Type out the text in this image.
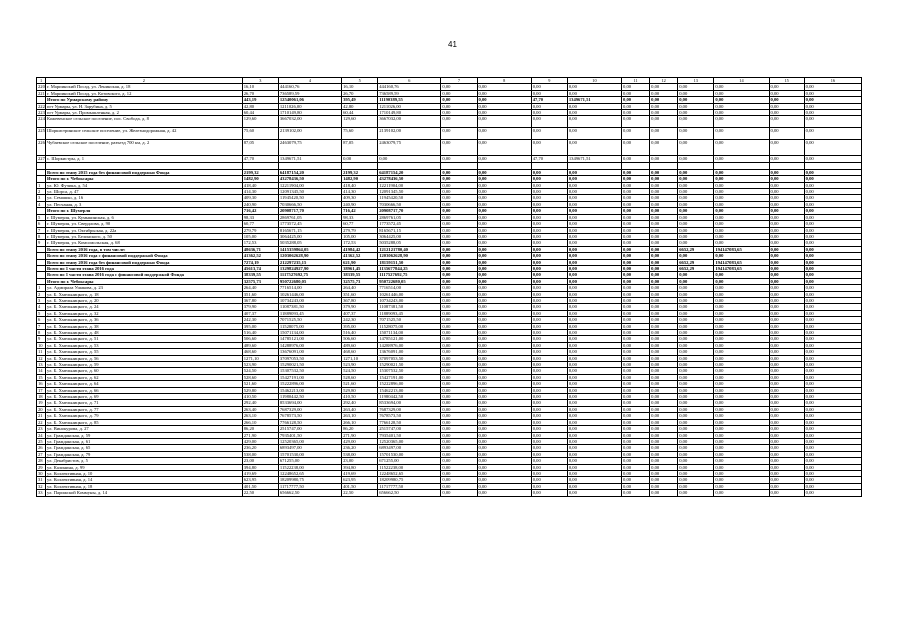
41
1	2	3	4	5	6	7	8	9	10	11	12	13	14	15	16
220	г. Мариинский Посад, ул. Ленинская, д. 18	16,10	444160,76	16,10	444160,76	0,00	0,00	0,00	0,00	0,00	0,00	0,00	0,00	0,00	0,00
221	г. Мариинский Посад, ул. Котовского, д. 12	26,70	736589,59	26,70	736589,59	0,00	0,00	0,00	0,00	0,00	0,00	0,00	0,00	0,00	0,00
	Итого по Урмарскому району	443,19	12540061,06	395,49	11190389,55	0,00	0,00	47,70	1349671,51	0,00	0,00	0,00	0,00	0,00	0,00
222	пгт Урмары, ул. Н. Зарубина, д. 5	42,80	1211026,00	42,80	1211026,00	0,00	0,00	0,00	0,00	0,00	0,00	0,00	0,00	0,00	0,00
223	пгт Урмары, ул. Промышленная, д. 2	60,44	1710149,80	60,44	1710149,80	0,00	0,00	0,00	0,00	0,00	0,00	0,00	0,00	0,00	0,00
224	Кожевенское сельское поселение, пос. Свобода, д. 8	129,60	3667032,00	129,60	3667032,00	0,00	0,00	0,00	0,00	0,00	0,00	0,00	0,00	0,00	0,00
225	Шоркистринское сельское поселение, ул. Железнодорожная, д. 42	75,60	2139102,00	75,60	2139102,00	0,00	0,00	0,00	0,00	0,00	0,00	0,00	0,00	0,00	0,00
226	Чубаевское сельское поселение, разъезд 700 км, д. 2	87,05	2463079,75	87,05	2463079,75	0,00	0,00	0,00	0,00	0,00	0,00	0,00	0,00	0,00	0,00
227	с. Шоркистры, д. 1	47,70	1349671,51	0,00	0,00	0,00	0,00	47,70	1349671,51	0,00	0,00	0,00	0,00	0,00	0,00

	Всего по этапу 2015 года без финансовой поддержки Фонда	2199,32	64187154,20	2199,32	64187154,20	0,00	0,00	0,00	0,00	0,00	0,00	0,00	0,00	0,00	0,00
	Итого по г. Чебоксары	1482,90	43278436,50	1482,90	43278436,50	0,00	0,00	0,00	0,00	0,00	0,00	0,00	0,00	0,00	0,00
1	ул. Ю. Фучика, д. 54	418,40	12211904,00	418,40	12211904,00	0,00	0,00	0,00	0,00	0,00	0,00	0,00	0,00	0,00	0,00
2	ул. Шорса, д. 47	414,30	12091345,50	414,30	12091345,50	0,00	0,00	0,00	0,00	0,00	0,00	0,00	0,00	0,00	0,00
3	ул. Семашко, д. 16	409,30	11945420,50	409,30	11945420,50	0,00	0,00	0,00	0,00	0,00	0,00	0,00	0,00	0,00	0,00
4	ул. Песчаная, д. 3	240,90	7030666,50	240,90	7030666,50	0,00	0,00	0,00	0,00	0,00	0,00	0,00	0,00	0,00	0,00
	Итого по г. Шумерля	716,42	20908717,70	716,42	20908717,70	0,00	0,00	0,00	0,00	0,00	0,00	0,00	0,00	0,00	0,00
5	г. Шумерля, ул. Кумыкинская, д. 6	98,33	2869761,05	98,33	2869761,05	0,00	0,00	0,00	0,00	0,00	0,00	0,00	0,00	0,00	0,00
6	г. Шумерля, ул. Свердлова, д. 90	60,77	1773572,45	60,77	1773572,45	0,00	0,00	0,00	0,00	0,00	0,00	0,00	0,00	0,00	0,00
7	г. Шумерля, ул. Октябрьская, д. 22а	279,79	8165671,15	279,79	8165671,15	0,00	0,00	0,00	0,00	0,00	0,00	0,00	0,00	0,00	0,00
8	г. Шумерля, ул. Белинского, д. 50	105,00	3064425,00	105,00	3064425,00	0,00	0,00	0,00	0,00	0,00	0,00	0,00	0,00	0,00	0,00
9	г. Шумерля, ул. Комсомольская, д. 68	172,53	5035288,05	172,53	5035288,05	0,00	0,00	0,00	0,00	0,00	0,00	0,00	0,00	0,00	0,00
	Всего по этапу 2016 года, в том числе:	48636,71	1415359864,05	41984,42	1212121780,40	0,00	0,00	0,00	0,00	0,00	0,00	6652,29	194147083,65	0,00	0,00
	Всего по этапу 2016 года с финансовой поддержкой Фонда	41362,52	1203062628,90	41362,52	1203062628,90	0,00	0,00	0,00	0,00	0,00	0,00	0,00	0,00	0,00	0,00
	Всего по этапу 2016 года без финансовой поддержки Фонда	7274,19	212297235,15	621,90	18159151,50	0,00	0,00	0,00	0,00	0,00	0,00	6652,29	194147083,65	0,00	0,00
	Всего по 1 части этапа 2016 года	45613,74	1329824927,90	38961,45	1135677844,25	0,00	0,00	0,00	0,00	0,00	0,00	6652,29	194147083,65	0,00	0,00
	Всего по 1 части этапа 2016 года с финансовой поддержкой Фонда	38339,55	1117527692,75	38339,55	1117527692,75	0,00	0,00	0,00	0,00	0,00	0,00	0,00	0,00	0,00	0,00
	Итого по г. Чебоксары	32575,73	950722680,05	32575,73	950722680,05	0,00	0,00	0,00	0,00	0,00	0,00	0,00	0,00	0,00	0,00
1	ул. Адмирала Ушакова, д. 23	264,40	7716514,00	264,40	7716514,00	0,00	0,00	0,00	0,00	0,00	0,00	0,00	0,00	0,00	0,00
2	ул. Б. Хмельницкого, д. 18	351,60	10261446,00	351,60	10261446,00	0,00	0,00	0,00	0,00	0,00	0,00	0,00	0,00	0,00	0,00
3	ул. Б. Хмельницкого, д. 20	367,80	10734243,00	367,80	10734243,00	0,00	0,00	0,00	0,00	0,00	0,00	0,00	0,00	0,00	0,00
4	ул. Б. Хмельницкого, д. 24	379,90	11087381,50	379,90	11087381,50	0,00	0,00	0,00	0,00	0,00	0,00	0,00	0,00	0,00	0,00
5	ул. Б. Хмельницкого, д. 32	407,37	11889093,45	407,37	11889093,45	0,00	0,00	0,00	0,00	0,00	0,00	0,00	0,00	0,00	0,00
6	ул. Б. Хмельницкого, д. 36	242,30	7071525,50	242,30	7071525,50	0,00	0,00	0,00	0,00	0,00	0,00	0,00	0,00	0,00	0,00
7	ул. Б. Хмельницкого, д. 38	395,00	11528075,00	395,00	11528075,00	0,00	0,00	0,00	0,00	0,00	0,00	0,00	0,00	0,00	0,00
8	ул. Б. Хмельницкого, д. 48	516,40	15071134,00	516,40	15071134,00	0,00	0,00	0,00	0,00	0,00	0,00	0,00	0,00	0,00	0,00
9	ул. Б. Хмельницкого, д. 51	506,60	14785121,00	506,60	14785121,00	0,00	0,00	0,00	0,00	0,00	0,00	0,00	0,00	0,00	0,00
10	ул. Б. Хмельницкого, д. 53	489,60	14288976,00	489,60	14288976,00	0,00	0,00	0,00	0,00	0,00	0,00	0,00	0,00	0,00	0,00
11	ул. Б. Хмельницкого, д. 55	468,60	13676091,00	468,60	13676091,00	0,00	0,00	0,00	0,00	0,00	0,00	0,00	0,00	0,00	0,00
12	ул. Б. Хмельницкого, д. 56	1271,10	37097053,50	1271,10	37097053,50	0,00	0,00	0,00	0,00	0,00	0,00	0,00	0,00	0,00	0,00
13	ул. Б. Хмельницкого, д. 59	523,90	15290021,50	523,90	15290021,50	0,00	0,00	0,00	0,00	0,00	0,00	0,00	0,00	0,00	0,00
14	ул. Б. Хмельницкого, д. 60	524,50	15307532,50	524,50	15307532,50	0,00	0,00	0,00	0,00	0,00	0,00	0,00	0,00	0,00	0,00
15	ул. Б. Хмельницкого, д. 62	528,60	15427191,00	528,60	15427191,00	0,00	0,00	0,00	0,00	0,00	0,00	0,00	0,00	0,00	0,00
16	ул. Б. Хмельницкого, д. 64	521,60	15222896,00	521,60	15222896,00	0,00	0,00	0,00	0,00	0,00	0,00	0,00	0,00	0,00	0,00
17	ул. Б. Хмельницкого, д. 66	529,80	15462213,00	529,80	15462213,00	0,00	0,00	0,00	0,00	0,00	0,00	0,00	0,00	0,00	0,00
18	ул. Б. Хмельницкого, д. 69	410,50	11980442,50	410,50	11980442,50	0,00	0,00	0,00	0,00	0,00	0,00	0,00	0,00	0,00	0,00
19	ул. Б. Хмельницкого, д. 71	292,40	8533694,00	292,40	8533694,00	0,00	0,00	0,00	0,00	0,00	0,00	0,00	0,00	0,00	0,00
20	ул. Б. Хмельницкого, д. 77	263,40	7687329,00	263,40	7687329,00	0,00	0,00	0,00	0,00	0,00	0,00	0,00	0,00	0,00	0,00
21	ул. Б. Хмельницкого, д. 79	263,10	7678573,50	263,10	7678573,50	0,00	0,00	0,00	0,00	0,00	0,00	0,00	0,00	0,00	0,00
22	ул. Б. Хмельницкого, д. 85	266,10	7766128,50	266,10	7766128,50	0,00	0,00	0,00	0,00	0,00	0,00	0,00	0,00	0,00	0,00
23	ул. Винокурова, д. 27	86,20	2515747,00	86,20	2515747,00	0,00	0,00	0,00	0,00	0,00	0,00	0,00	0,00	0,00	0,00
24	ул. Гражданская, д. 59	271,90	7935401,50	271,90	7935401,50	0,00	0,00	0,00	0,00	0,00	0,00	0,00	0,00	0,00	0,00
25	ул. Гражданская, д. 61	429,00	12520365,00	429,00	12520365,00	0,00	0,00	0,00	0,00	0,00	0,00	0,00	0,00	0,00	0,00
26	ул. Гражданская, д. 65	236,20	6893497,00	236,20	6893497,00	0,00	0,00	0,00	0,00	0,00	0,00	0,00	0,00	0,00	0,00
27	ул. Гражданская, д. 79	538,00	15701530,00	538,00	15701530,00	0,00	0,00	0,00	0,00	0,00	0,00	0,00	0,00	0,00	0,00
28	ул. Декабристов, д. 5	23,00	671255,00	23,00	671255,00	0,00	0,00	0,00	0,00	0,00	0,00	0,00	0,00	0,00	0,00
29	ул. Калинина, д. 99	394,80	11522238,00	394,80	11522238,00	0,00	0,00	0,00	0,00	0,00	0,00	0,00	0,00	0,00	0,00
30	ул. Коллективная, д. 10	419,69	12248652,65	419,69	12248652,65	0,00	0,00	0,00	0,00	0,00	0,00	0,00	0,00	0,00	0,00
31	ул. Коллективная, д. 14	623,95	18209980,75	623,95	18209980,75	0,00	0,00	0,00	0,00	0,00	0,00	0,00	0,00	0,00	0,00
32	ул. Коллективная, д. 18	401,50	11717777,50	401,50	11717777,50	0,00	0,00	0,00	0,00	0,00	0,00	0,00	0,00	0,00	0,00
33	ул. Парижской Коммуны, д. 14	22,50	656662,50	22,50	656662,50	0,00	0,00	0,00	0,00	0,00	0,00	0,00	0,00	0,00	0,00
